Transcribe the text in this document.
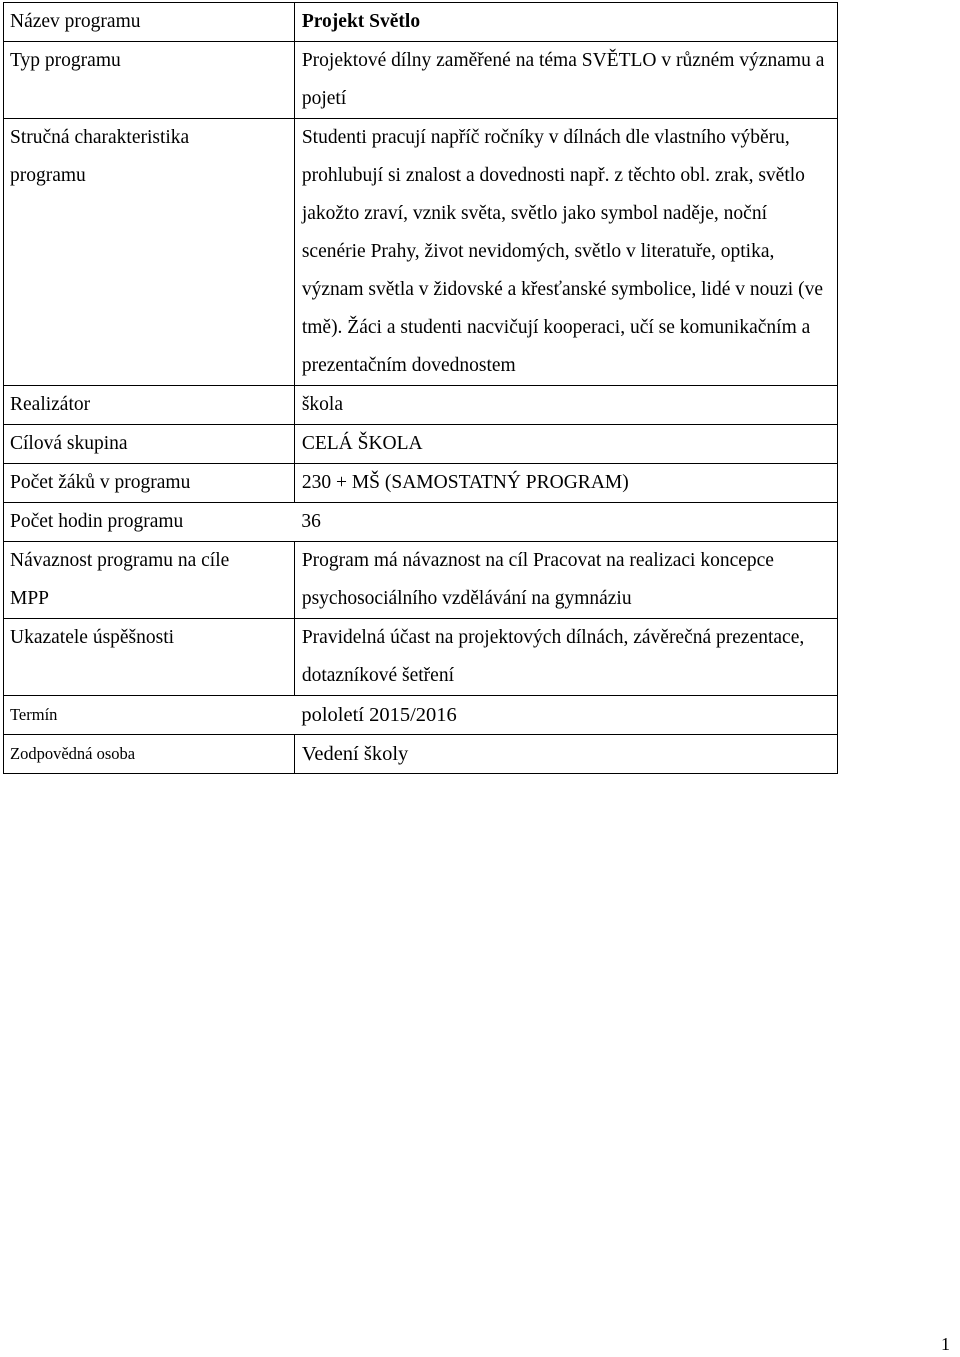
Název programu	Projekt Světlo
Typ programu	Projektové dílny zaměřené na téma SVĚTLO v různém významu a pojetí
Stručná charakteristika programu	Studenti pracují napříč ročníky v dílnách dle vlastního výběru, prohlubují si znalost a dovednosti např. z těchto obl. zrak, světlo jakožto zraví, vznik světa, světlo jako symbol naděje, noční scenérie Prahy, život nevidomých, světlo v literatuře, optika, význam světla v židovské a křesťanské symbolice, lidé v nouzi (ve tmě). Žáci a studenti nacvičují kooperaci, učí se komunikačním a prezentačním dovednostem
Realizátor	škola
Cílová skupina	CELÁ ŠKOLA
Počet žáků v programu	230 + MŠ (SAMOSTATNÝ PROGRAM)
Počet hodin programu	36
Návaznost programu na cíle MPP	Program má návaznost na cíl Pracovat na realizaci koncepce psychosociálního vzdělávání na gymnáziu
Ukazatele úspěšnosti	Pravidelná účast na projektových dílnách, závěrečná prezentace, dotazníkové šetření
Termín	pololetí 2015/2016
Zodpovědná osoba	Vedení školy
1
